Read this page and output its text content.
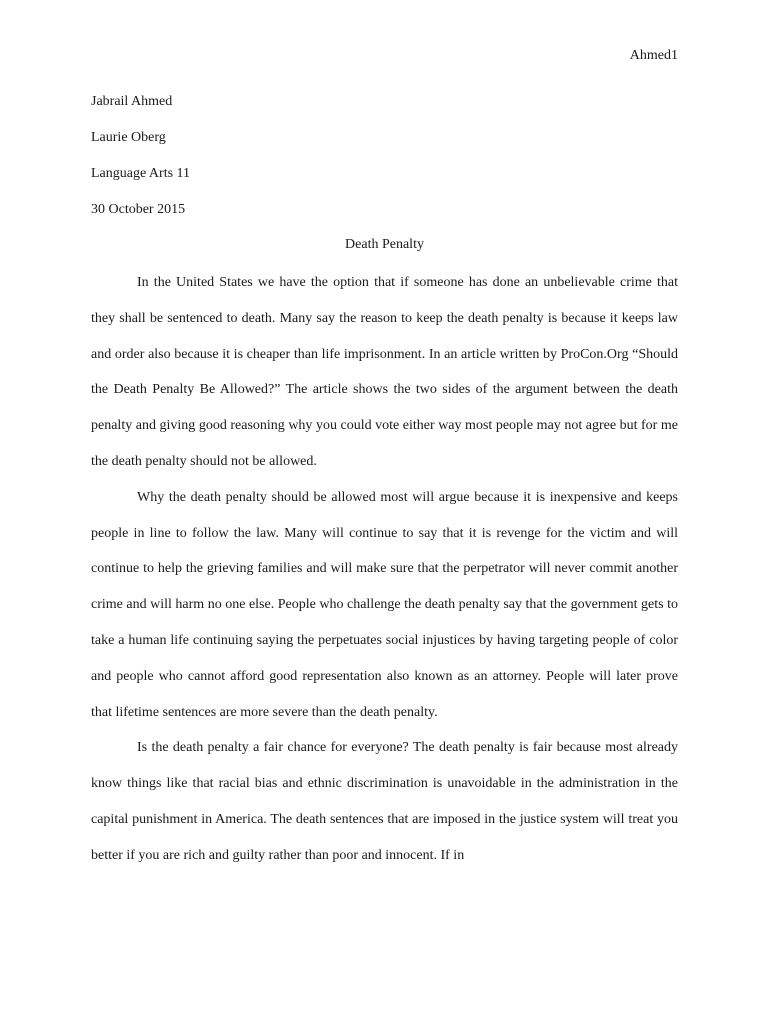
Ahmed1
Jabrail Ahmed
Laurie Oberg
Language Arts 11
30 October 2015
Death Penalty

In the United States we have the option that if someone has done an unbelievable crime that they shall be sentenced to death. Many say the reason to keep the death penalty is because it keeps law and order also because it is cheaper than life imprisonment. In an article written by ProCon.Org “Should the Death Penalty Be Allowed?” The article shows the two sides of the argument between the death penalty and giving good reasoning why you could vote either way most people may not agree but for me the death penalty should not be allowed.

Why the death penalty should be allowed most will argue because it is inexpensive and keeps people in line to follow the law. Many will continue to say that it is revenge for the victim and will continue to help the grieving families and will make sure that the perpetrator will never commit another crime and will harm no one else. People who challenge the death penalty say that the government gets to take a human life continuing saying the perpetuates social injustices by having targeting people of color and people who cannot afford good representation also known as an attorney. People will later prove that lifetime sentences are more severe than the death penalty.

Is the death penalty a fair chance for everyone? The death penalty is fair because most already know things like that racial bias and ethnic discrimination is unavoidable in the administration in the capital punishment in America. The death sentences that are imposed in the justice system will treat you better if you are rich and guilty rather than poor and innocent. If in
